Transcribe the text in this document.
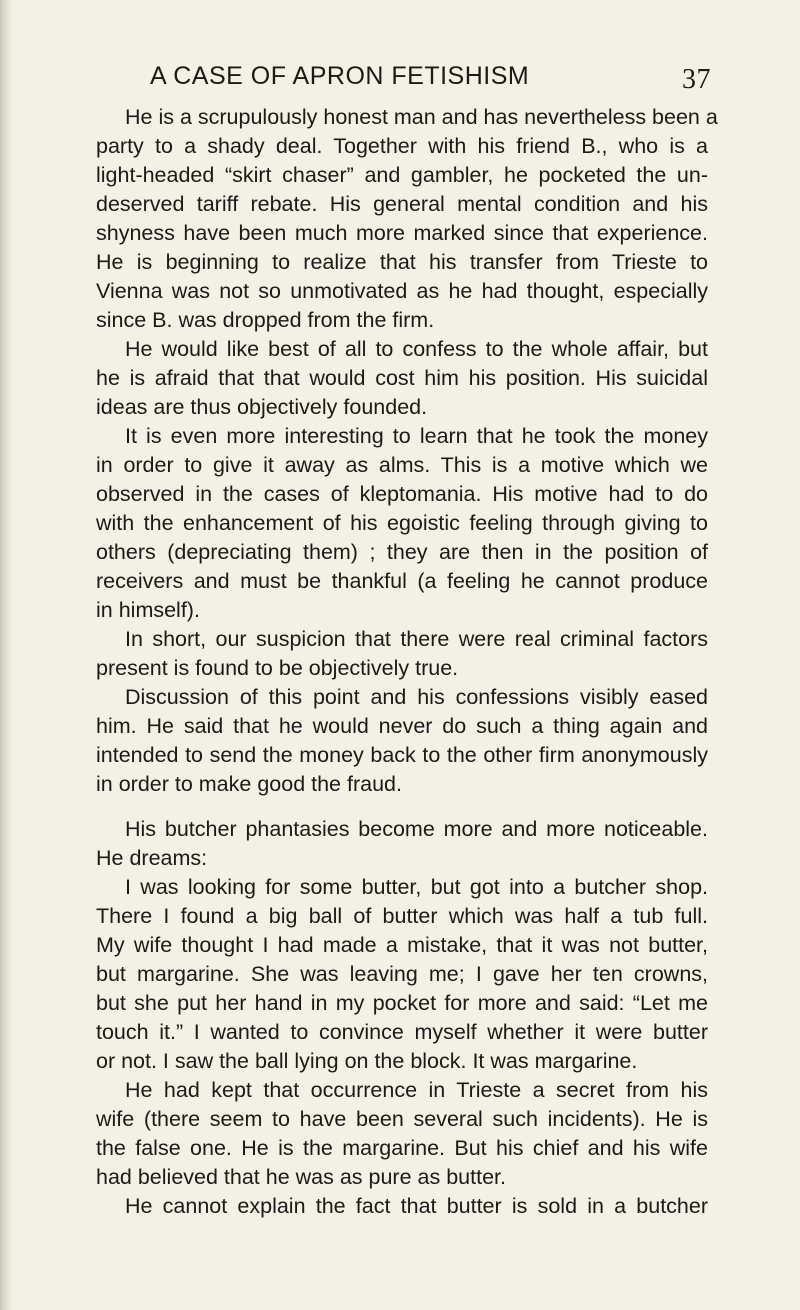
A CASE OF APRON FETISHISM	37
He is a scrupulously honest man and has nevertheless been a
party to a shady deal. Together with his friend B., who is a
light-headed “skirt chaser” and gambler, he pocketed the un-
deserved tariff rebate. His general mental condition and his
shyness have been much more marked since that experience.
He is beginning to realize that his transfer from Trieste to
Vienna was not so unmotivated as he had thought, especially
since B. was dropped from the firm.
He would like best of all to confess to the whole affair, but
he is afraid that that would cost him his position. His suicidal
ideas are thus objectively founded.
It is even more interesting to learn that he took the money
in order to give it away as alms. This is a motive which we
observed in the cases of kleptomania. His motive had to do
with the enhancement of his egoistic feeling through giving to
others (depreciating them) ; they are then in the position of
receivers and must be thankful (a feeling he cannot produce
in himself).
In short, our suspicion that there were real criminal factors
present is found to be objectively true.
Discussion of this point and his confessions visibly eased
him. He said that he would never do such a thing again and
intended to send the money back to the other firm anonymously
in order to make good the fraud.
His butcher phantasies become more and more noticeable.
He dreams:
I was looking for some butter, but got into a butcher shop.
There I found a big ball of butter which was half a tub full.
My wife thought I had made a mistake, that it was not butter,
but margarine. She was leaving me; I gave her ten crowns,
but she put her hand in my pocket for more and said: “Let me
touch it.” I wanted to convince myself whether it were butter
or not. I saw the ball lying on the block. It was margarine.
He had kept that occurrence in Trieste a secret from his
wife (there seem to have been several such incidents). He is
the false one. He is the margarine. But his chief and his wife
had believed that he was as pure as butter.
He cannot explain the fact that butter is sold in a butcher
